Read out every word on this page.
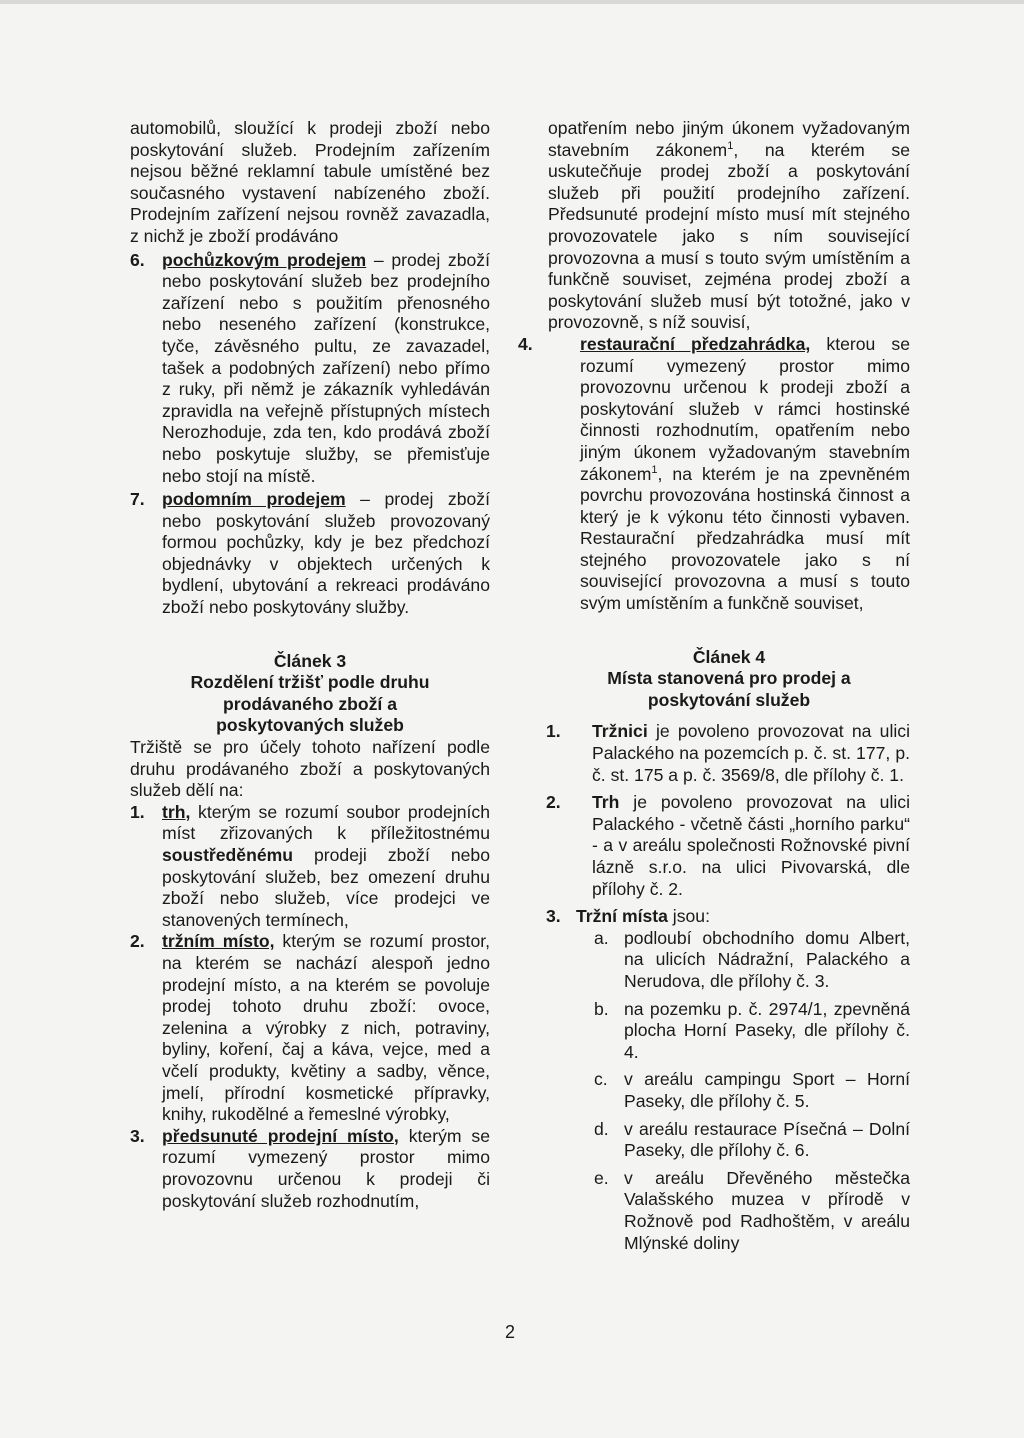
automobilů, sloužící k prodeji zboží nebo poskytování služeb. Prodejním zařízením nejsou běžné reklamní tabule umístěné bez současného vystavení nabízeného zboží. Prodejním zařízení nejsou rovněž zavazadla, z nichž je zboží prodáváno

6. pochůzkovým prodejem – prodej zboží nebo poskytování služeb bez prodejního zařízení nebo s použitím přenosného nebo neseného zařízení (konstrukce, tyče, závěsného pultu, ze zavazadel, tašek a podobných zařízení) nebo přímo z ruky, při němž je zákazník vyhledáván zpravidla na veřejně přístupných místech Nerozhoduje, zda ten, kdo prodává zboží nebo poskytuje služby, se přemisťuje nebo stojí na místě.

7. podomním prodejem – prodej zboží nebo poskytování služeb provozovaný formou pochůzky, kdy je bez předchozí objednávky v objektech určených k bydlení, ubytování a rekreaci prodáváno zboží nebo poskytovány služby.

Článek 3

Rozdělení tržišť podle druhu prodávaného zboží a poskytovaných služeb

Tržiště se pro účely tohoto nařízení podle druhu prodávaného zboží a poskytovaných služeb dělí na:

1. trh, kterým se rozumí soubor prodejních míst zřizovaných k příležitostnému soustředěnému prodeji zboží nebo poskytování služeb, bez omezení druhu zboží nebo služeb, více prodejci ve stanovených termínech,

2. tržním místo, kterým se rozumí prostor, na kterém se nachází alespoň jedno prodejní místo, a na kterém se povoluje prodej tohoto druhu zboží: ovoce, zelenina a výrobky z nich, potraviny, byliny, koření, čaj a káva, vejce, med a včelí produkty, květiny a sadby, věnce, jmelí, přírodní kosmetické přípravky, knihy, rukodělné a řemeslné výrobky,

3. předsunuté prodejní místo, kterým se rozumí vymezený prostor mimo provozovnu určenou k prodeji či poskytování služeb rozhodnutím,

opatřením nebo jiným úkonem vyžadovaným stavebním zákonem$^1$, na kterém se uskutečňuje prodej zboží a poskytování služeb při použití prodejního zařízení. Předsunuté prodejní místo musí mít stejného provozovatele jako s ním související provozovna a musí s touto svým umístěním a funkčně souviset, zejména prodej zboží a poskytování služeb musí být totožné, jako v provozovně, s níž souvisí,

4.	restaurační předzahrádka, kterou se rozumí vymezený prostor mimo provozovnu určenou k prodeji zboží a poskytování služeb v rámci hostinské činnosti rozhodnutím, opatřením nebo jiným úkonem vyžadovaným stavebním zákonem$^1$, na kterém je na zpevněném povrchu provozována hostinská činnost a který je k výkonu této činnosti vybaven. Restaurační předzahrádka musí mít stejného provozovatele jako s ní související provozovna a musí s touto svým umístěním a funkčně souviset,

Článek 4

Místa stanovená pro prodej a poskytování služeb

1. Tržnici je povoleno provozovat na ulici Palackého na pozemcích p. č. st. 177, p. č. st. 175 a p. č. 3569/8, dle přílohy č. 1.

2. Trh je povoleno provozovat na ulici Palackého - včetně části „horního parku“ - a v areálu společnosti Rožnovské pivní lázně s.r.o. na ulici Pivovarská, dle přílohy č. 2.

3. Tržní místa jsou:

a. podloubí obchodního domu Albert, na ulicích Nádražní, Palackého a Nerudova, dle přílohy č. 3.

b. na pozemku p. č. 2974/1, zpevněná plocha Horní Paseky, dle přílohy č. 4.

c. v areálu campingu Sport – Horní Paseky, dle přílohy č. 5.

d. v areálu restaurace Písečná – Dolní Paseky, dle přílohy č. 6.

e. v areálu Dřevěného městečka Valašského muzea v přírodě v Rožnově pod Radhoštěm, v areálu Mlýnské doliny

2
